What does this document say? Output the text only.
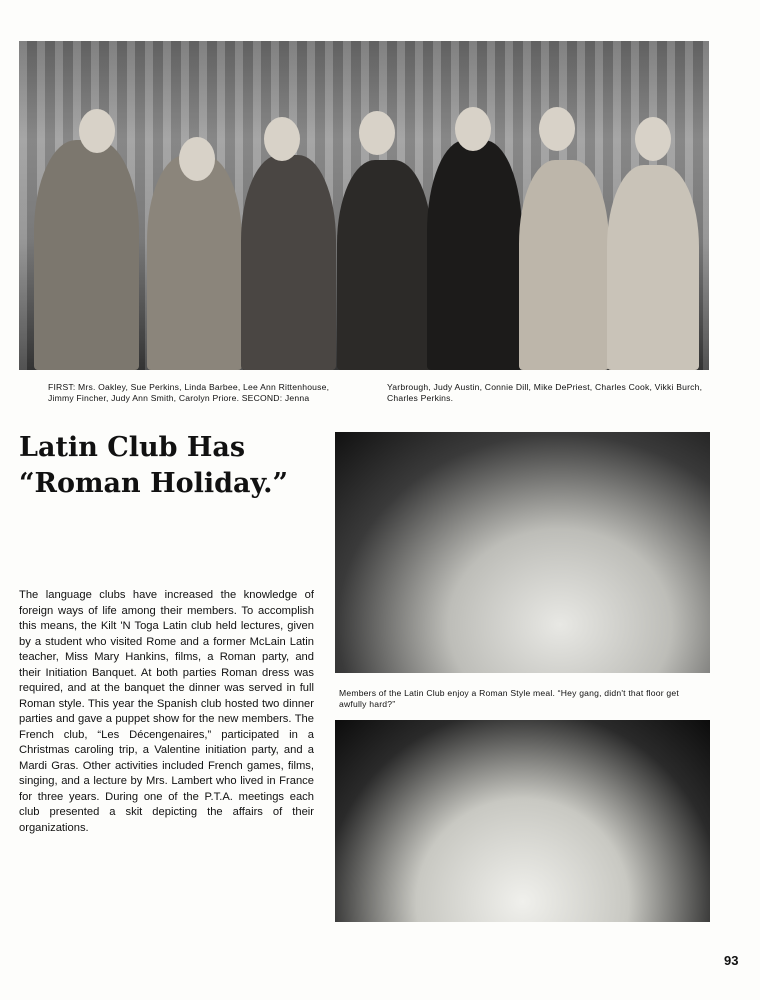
FIRST: Mrs. Oakley, Sue Perkins, Linda Barbee, Lee Ann Rittenhouse, Jimmy Fincher, Judy Ann Smith, Carolyn Priore. SECOND: Jenna
Yarbrough, Judy Austin, Connie Dill, Mike DePriest, Charles Cook, Vikki Burch, Charles Perkins.
Latin Club Has
“Roman Holiday.”
The language clubs have increased the knowledge of foreign ways of life among their members. To accomplish this means, the Kilt 'N Toga Latin club held lectures, given by a student who visited Rome and a former McLain Latin teacher, Miss Mary Hankins, films, a Roman party, and their Initiation Banquet. At both parties Roman dress was required, and at the banquet the dinner was served in full Roman style. This year the Spanish club hosted two dinner parties and gave a puppet show for the new members. The French club, “Les Décengenaires,” participated in a Christmas caroling trip, a Valentine initiation party, and a Mardi Gras. Other activities included French games, films, singing, and a lecture by Mrs. Lambert who lived in France for three years. During one of the P.T.A. meetings each club presented a skit depicting the affairs of their organizations.
Members of the Latin Club enjoy a Roman Style meal. “Hey gang, didn't that floor get awfully hard?”
93
